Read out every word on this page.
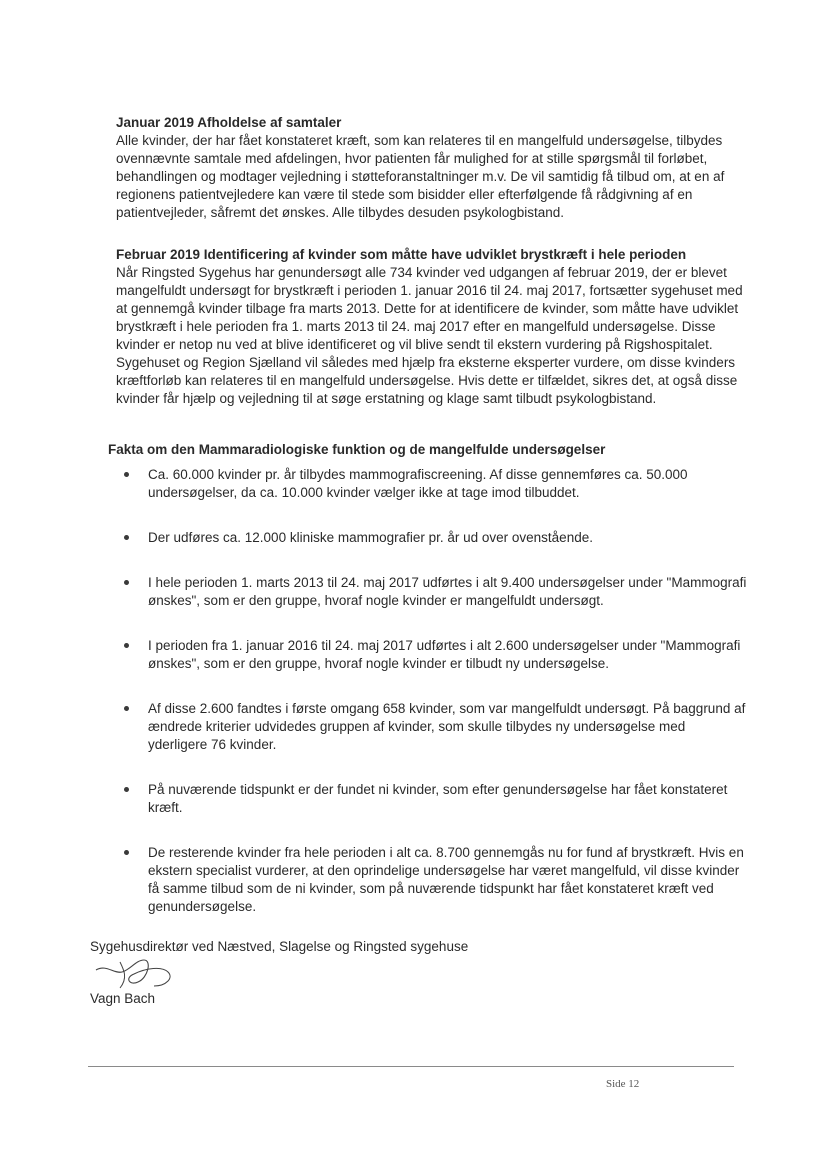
Januar 2019 Afholdelse af samtaler

Alle kvinder, der har fået konstateret kræft, som kan relateres til en mangelfuld undersøgelse, tilbydes ovennævnte samtale med afdelingen, hvor patienten får mulighed for at stille spørgsmål til forløbet, behandlingen og modtager vejledning i støtteforanstaltninger m.v. De vil samtidig få tilbud om, at en af regionens patientvejledere kan være til stede som bisidder eller efterfølgende få rådgivning af en patientvejleder, såfremt det ønskes. Alle tilbydes desuden psykologbistand.

Februar 2019 Identificering af kvinder som måtte have udviklet brystkræft i hele perioden

Når Ringsted Sygehus har genundersøgt alle 734 kvinder ved udgangen af februar 2019, der er blevet mangelfuldt undersøgt for brystkræft i perioden 1. januar 2016 til 24. maj 2017, fortsætter sygehuset med at gennemgå kvinder tilbage fra marts 2013. Dette for at identificere de kvinder, som måtte have udviklet brystkræft i hele perioden fra 1. marts 2013 til 24. maj 2017 efter en mangelfuld undersøgelse. Disse kvinder er netop nu ved at blive identificeret og vil blive sendt til ekstern vurdering på Rigshospitalet. Sygehuset og Region Sjælland vil således med hjælp fra eksterne eksperter vurdere, om disse kvinders kræftforløb kan relateres til en mangelfuld undersøgelse. Hvis dette er tilfældet, sikres det, at også disse kvinder får hjælp og vejledning til at søge erstatning og klage samt tilbudt psykologbistand.

Fakta om den Mammaradiologiske funktion og de mangelfulde undersøgelser

Ca. 60.000 kvinder pr. år tilbydes mammografiscreening. Af disse gennemføres ca. 50.000 undersøgelser, da ca. 10.000 kvinder vælger ikke at tage imod tilbuddet.
Der udføres ca. 12.000 kliniske mammografier pr. år ud over ovenstående.
I hele perioden 1. marts 2013 til 24. maj 2017 udførtes i alt 9.400 undersøgelser under "Mammografi ønskes", som er den gruppe, hvoraf nogle kvinder er mangelfuldt undersøgt.
I perioden fra 1. januar 2016 til 24. maj 2017 udførtes i alt 2.600 undersøgelser under "Mammografi ønskes", som er den gruppe, hvoraf nogle kvinder er tilbudt ny undersøgelse.
Af disse 2.600 fandtes i første omgang 658 kvinder, som var mangelfuldt undersøgt. På baggrund af ændrede kriterier udvidedes gruppen af kvinder, som skulle tilbydes ny undersøgelse med yderligere 76 kvinder.
På nuværende tidspunkt er der fundet ni kvinder, som efter genundersøgelse har fået konstateret kræft.
De resterende kvinder fra hele perioden i alt ca. 8.700 gennemgås nu for fund af brystkræft. Hvis en ekstern specialist vurderer, at den oprindelige undersøgelse har været mangelfuld, vil disse kvinder få samme tilbud som de ni kvinder, som på nuværende tidspunkt har fået konstateret kræft ved genundersøgelse.
Sygehusdirektør ved Næstved, Slagelse og Ringsted sygehuse
Vagn Bach
Side 12
